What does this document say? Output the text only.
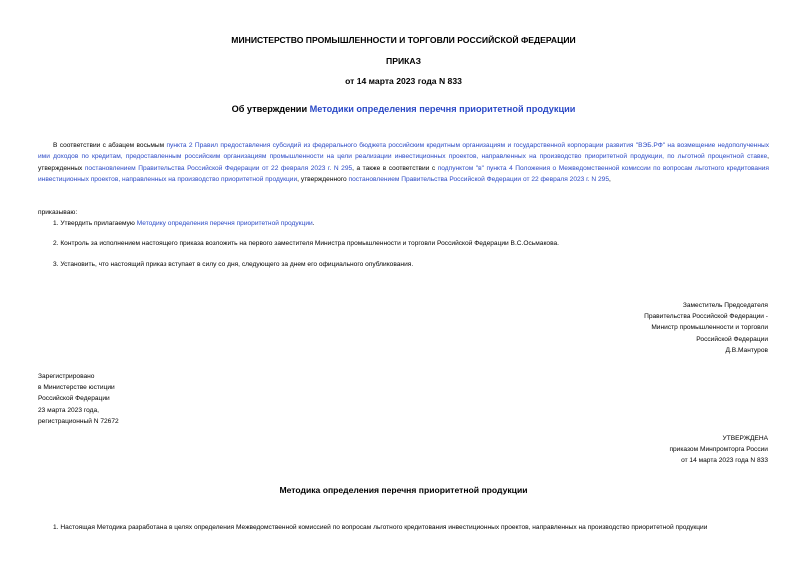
МИНИСТЕРСТВО ПРОМЫШЛЕННОСТИ И ТОРГОВЛИ РОССИЙСКОЙ ФЕДЕРАЦИИ
ПРИКАЗ
от 14 марта 2023 года N 833
Об утверждении Методики определения перечня приоритетной продукции
В соответствии с абзацем восьмым пункта 2 Правил предоставления субсидий из федерального бюджета российским кредитным организациям и государственной корпорации развития "ВЭБ.РФ" на возмещение недополученных ими доходов по кредитам, предоставленным российским организациям промышленности на цели реализации инвестиционных проектов, направленных на производство приоритетной продукции, по льготной процентной ставке, утвержденных постановлением Правительства Российской Федерации от 22 февраля 2023 г. N 295, а также в соответствии с подпунктом "в" пункта 4 Положения о Межведомственной комиссии по вопросам льготного кредитования инвестиционных проектов, направленных на производство приоритетной продукции, утвержденного постановлением Правительства Российской Федерации от 22 февраля 2023 г. N 295,
приказываю:
1. Утвердить прилагаемую Методику определения перечня приоритетной продукции.
2. Контроль за исполнением настоящего приказа возложить на первого заместителя Министра промышленности и торговли Российской Федерации В.С.Осьмакова.
3. Установить, что настоящий приказ вступает в силу со дня, следующего за днем его официального опубликования.
Заместитель Председателя
Правительства Российской Федерации -
Министр промышленности и торговли
Российской Федерации
Д.В.Мантуров
Зарегистрировано
в Министерстве юстиции
Российской Федерации
23 марта 2023 года,
регистрационный N 72672
УТВЕРЖДЕНА
приказом Минпромторга России
от 14 марта 2023 года N 833
Методика определения перечня приоритетной продукции
1. Настоящая Методика разработана в целях определения Межведомственной комиссией по вопросам льготного кредитования инвестиционных проектов, направленных на производство приоритетной продукции
